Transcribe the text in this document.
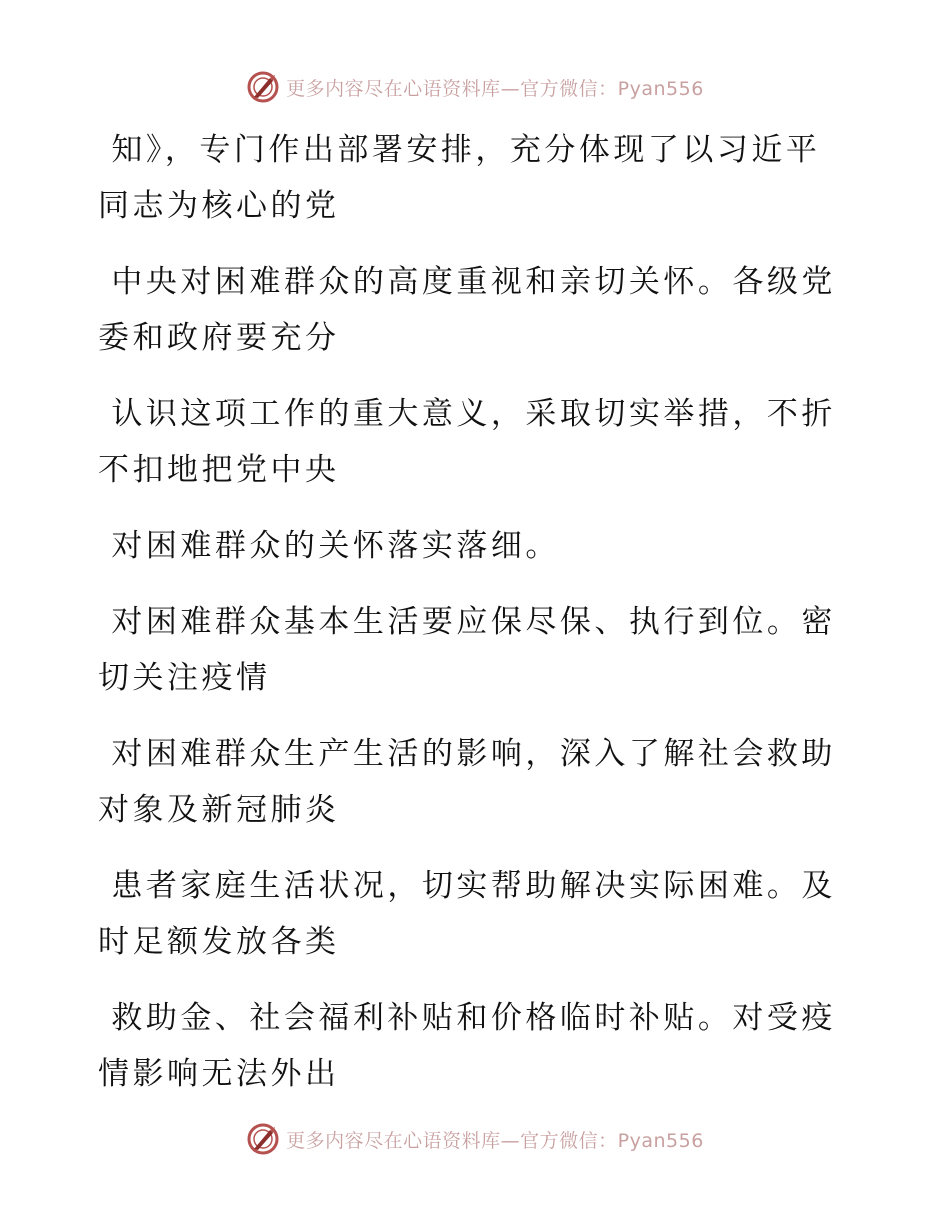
更多内容尽在心语资料库—官方微信：Pyan556

知》，专门作出部署安排，充分体现了以习近平同志为核心的党

中央对困难群众的高度重视和亲切关怀。各级党委和政府要充分

认识这项工作的重大意义，采取切实举措，不折不扣地把党中央

对困难群众的关怀落实落细。

对困难群众基本生活要应保尽保、执行到位。密切关注疫情

对困难群众生产生活的影响，深入了解社会救助对象及新冠肺炎

患者家庭生活状况，切实帮助解决实际困难。及时足额发放各类

救助金、社会福利补贴和价格临时补贴。对受疫情影响无法外出

更多内容尽在心语资料库—官方微信：Pyan556
